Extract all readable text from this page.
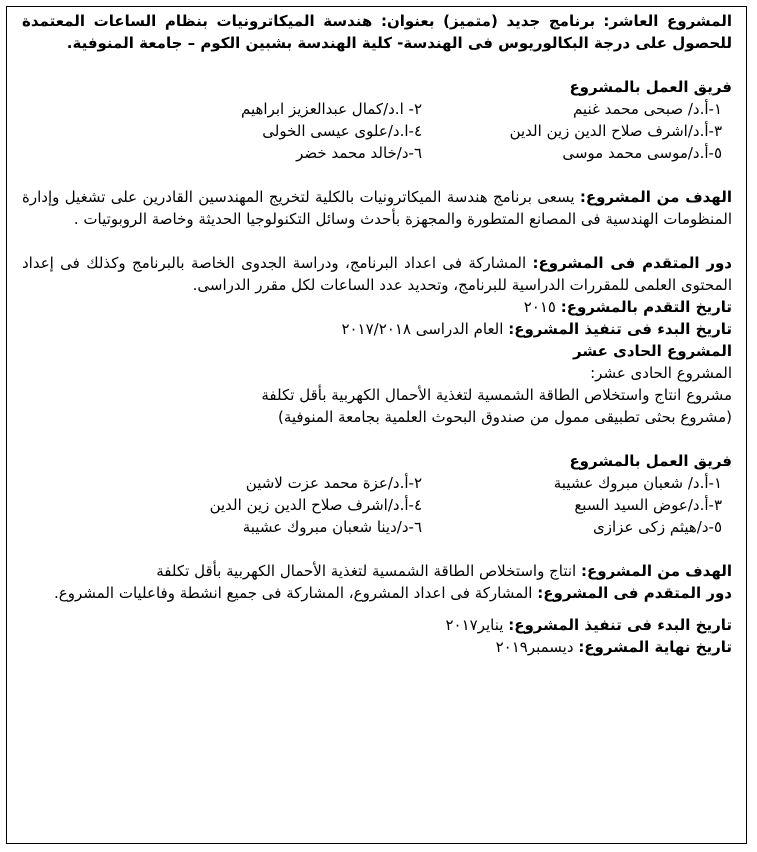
المشروع العاشر: برنامج جديد (متميز) بعنوان: هندسة الميكاترونيات بنظام الساعات المعتمدة للحصول على درجة البكالوريوس فى الهندسة- كلية الهندسة بشبين الكوم – جامعة المنوفية.

فريق العمل بالمشروع

١-أ.د/ صبحى محمد غنيم
٢- ا.د/كمال عبدالعزيز ابراهيم
٣-أ.د/اشرف صلاح الدين زين الدين
٤-ا.د/علوى عيسى الخولى
٥-أ.د/موسى محمد موسى
٦-د/خالد محمد خضر

الهدف من المشروع: يسعى برنامج هندسة الميكاترونيات بالكلية لتخريج المهندسين القادرين على تشغيل وإدارة المنظومات الهندسية فى المصانع المتطورة والمجهزة بأحدث وسائل التكنولوجيا الحديثة وخاصة الروبوتيات .

دور المتقدم فى المشروع: المشاركة فى اعداد البرنامج، ودراسة الجدوى الخاصة بالبرنامج وكذلك فى إعداد المحتوى العلمى للمقررات الدراسية للبرنامج، وتحديد عدد الساعات لكل مقرر الدراسى.

تاريخ التقدم بالمشروع: ٢٠١٥

تاريخ البدء فى تنفيذ المشروع: العام الدراسى ٢٠١٧/٢٠١٨

المشروع الحادى عشر

المشروع الحادى عشر:

مشروع انتاج واستخلاص الطاقة الشمسية لتغذية الأحمال الكهربية بأقل تكلفة

(مشروع بحثى تطبيقى ممول من صندوق البحوث العلمية بجامعة المنوفية)

فريق العمل بالمشروع

١-أ.د/ شعبان مبروك عشيبة
٢-أ.د/عزة محمد عزت لاشين
٣-أ.د/عوض السيد السبع
٤-أ.د/اشرف صلاح الدين زين الدين
٥-د/هيثم زكى عزازى
٦-د/دينا شعبان مبروك عشيبة

الهدف من المشروع: انتاج واستخلاص الطاقة الشمسية لتغذية الأحمال الكهربية بأقل تكلفة

دور المتقدم فى المشروع: المشاركة فى اعداد المشروع، المشاركة فى جميع انشطة وفاعليات المشروع.

تاريخ البدء فى تنفيذ المشروع: يناير٢٠١٧

تاريخ نهاية المشروع: ديسمبر٢٠١٩
